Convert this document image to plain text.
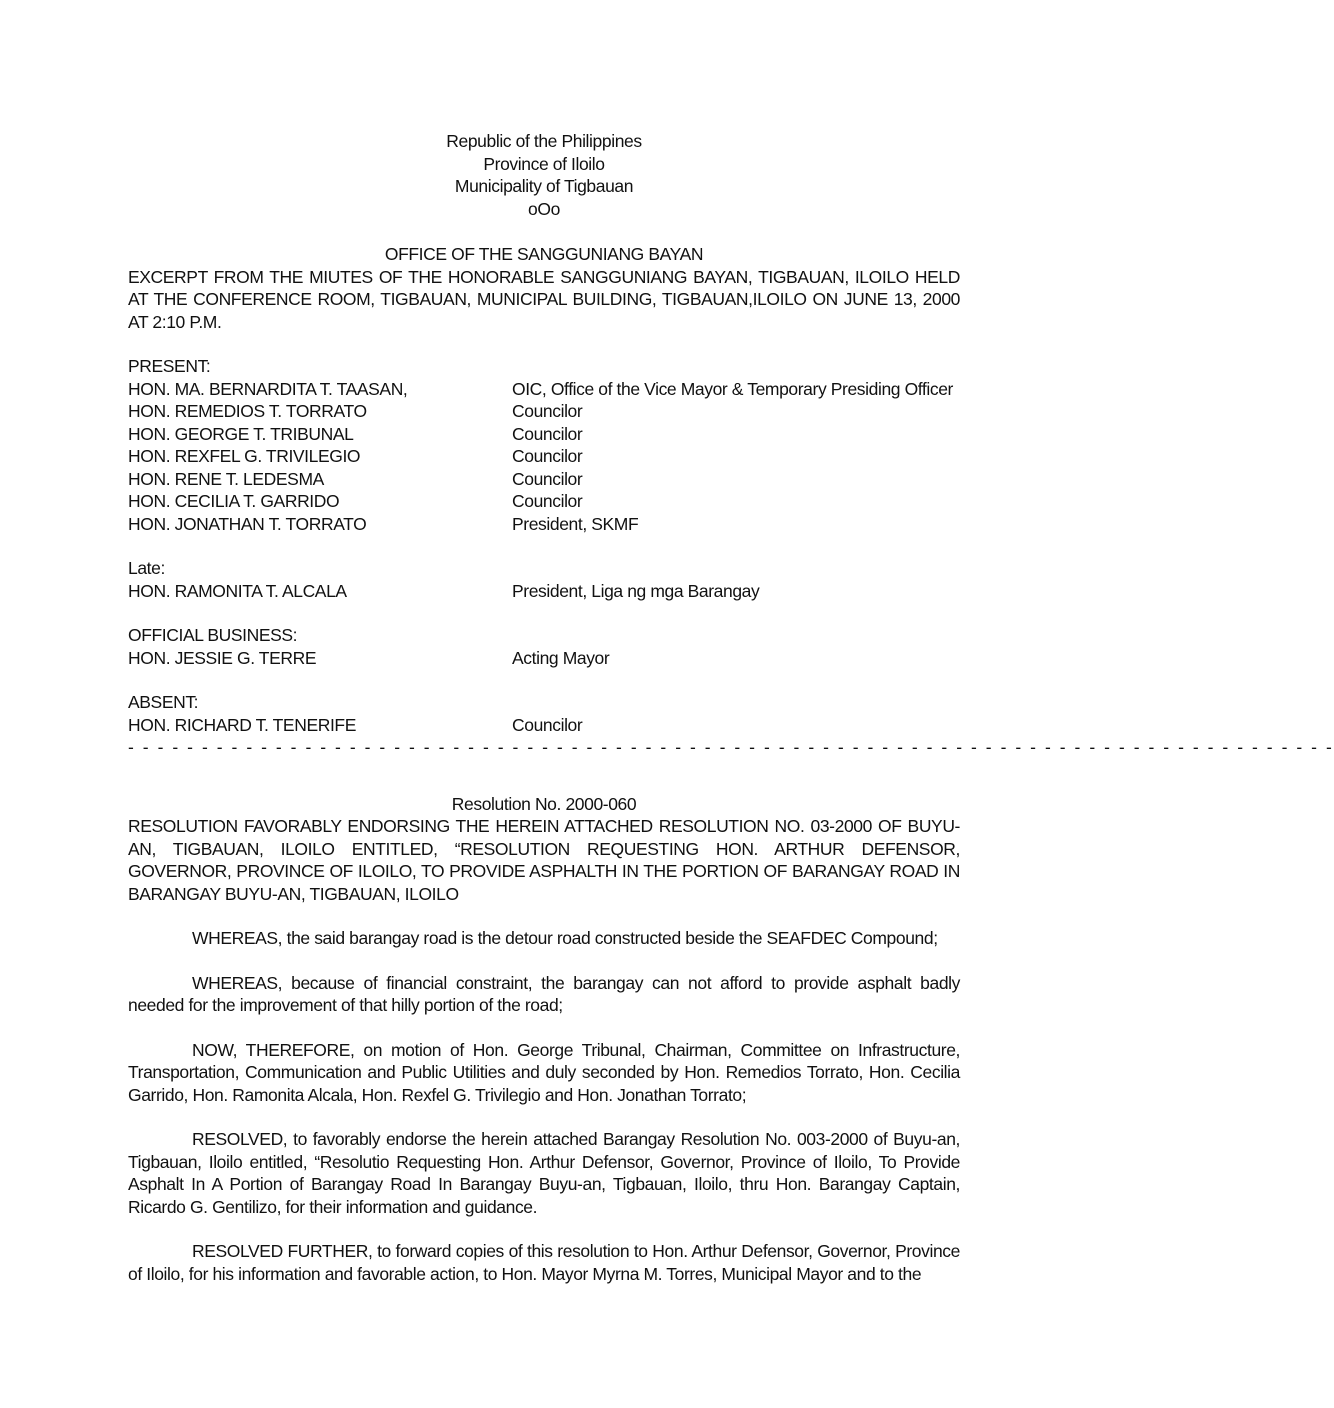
Republic of the Philippines
Province of Iloilo
Municipality of Tigbauan
oOo
OFFICE OF THE SANGGUNIANG BAYAN
EXCERPT FROM THE MIUTES OF THE HONORABLE SANGGUNIANG BAYAN, TIGBAUAN, ILOILO HELD AT THE CONFERENCE ROOM, TIGBAUAN, MUNICIPAL BUILDING, TIGBAUAN,ILOILO ON JUNE 13, 2000 AT 2:10 P.M.
PRESENT:
HON. MA. BERNARDITA T. TAASAN,	OIC, Office of the Vice Mayor & Temporary Presiding Officer
HON. REMEDIOS T. TORRATO	Councilor
HON. GEORGE T. TRIBUNAL	Councilor
HON. REXFEL G. TRIVILEGIO	Councilor
HON. RENE T. LEDESMA	Councilor
HON. CECILIA T. GARRIDO	Councilor
HON. JONATHAN T. TORRATO	President, SKMF
Late:
HON. RAMONITA T. ALCALA	President, Liga ng mga Barangay
OFFICIAL BUSINESS:
HON. JESSIE G. TERRE	Acting Mayor
ABSENT:
HON. RICHARD T. TENERIFE	Councilor
- - - - - - - - - - - - - - - - - - - - - - - - - - - - - - - - - - - - - - - - - - - - - - - - - - - - - - - - - - - - - - - - - - - - - - - - - - - - - - - - - -
Resolution No. 2000-060
RESOLUTION FAVORABLY ENDORSING THE HEREIN ATTACHED RESOLUTION NO. 03-2000 OF BUYU-AN, TIGBAUAN, ILOILO ENTITLED, “RESOLUTION REQUESTING HON. ARTHUR DEFENSOR, GOVERNOR, PROVINCE OF ILOILO, TO PROVIDE ASPHALTH IN THE PORTION OF BARANGAY ROAD IN BARANGAY BUYU-AN, TIGBAUAN, ILOILO
WHEREAS, the said barangay road is the detour road constructed beside the SEAFDEC Compound;
WHEREAS, because of financial constraint, the barangay can not afford to provide asphalt badly needed for the improvement of that hilly portion of the road;
NOW, THEREFORE, on motion of Hon. George Tribunal, Chairman, Committee on Infrastructure, Transportation, Communication and Public Utilities and duly seconded by Hon. Remedios Torrato, Hon. Cecilia Garrido, Hon. Ramonita Alcala, Hon. Rexfel G. Trivilegio and Hon. Jonathan Torrato;
RESOLVED, to favorably endorse the herein attached Barangay Resolution No. 003-2000 of Buyu-an, Tigbauan, Iloilo entitled, “Resolutio Requesting Hon. Arthur Defensor, Governor, Province of Iloilo, To Provide Asphalt In A Portion of Barangay Road In Barangay Buyu-an, Tigbauan, Iloilo, thru Hon. Barangay Captain, Ricardo G. Gentilizo, for their information and guidance.
RESOLVED FURTHER, to forward copies of this resolution to Hon. Arthur Defensor, Governor, Province of Iloilo, for his information and favorable action, to Hon. Mayor Myrna M. Torres, Municipal Mayor and to the
